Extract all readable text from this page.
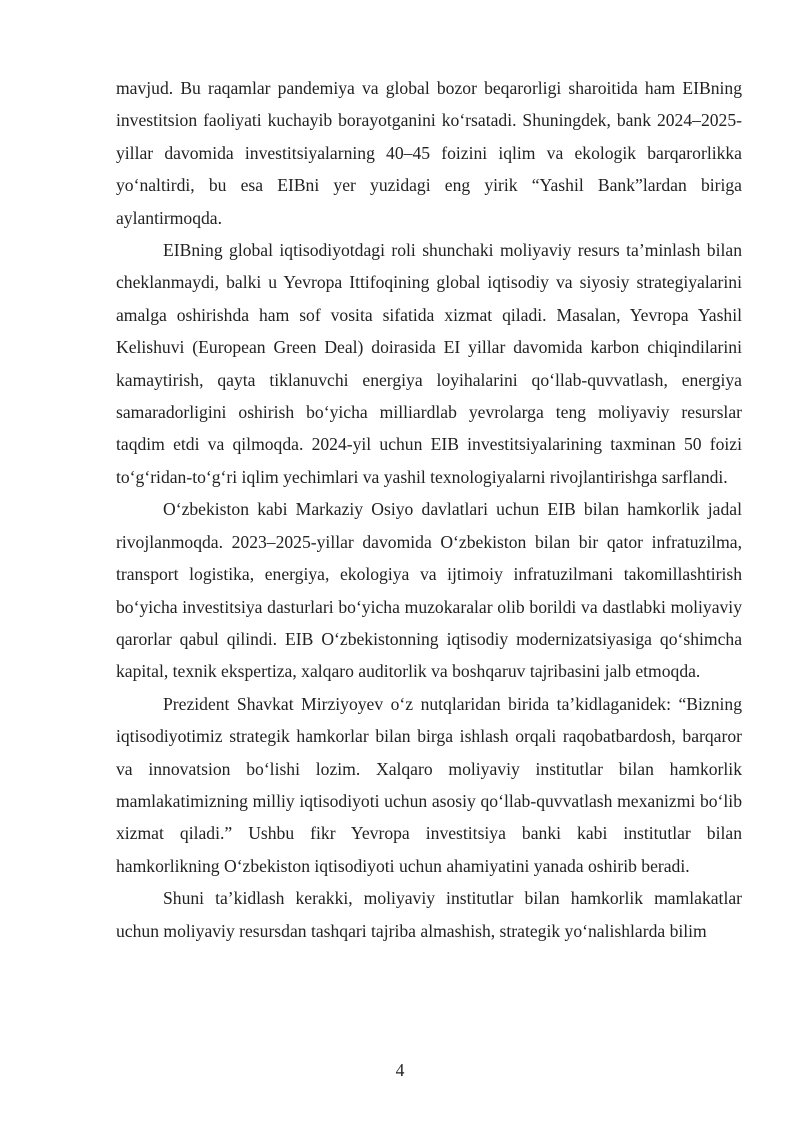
mavjud. Bu raqamlar pandemiya va global bozor beqarorligi sharoitida ham EIBning investitsion faoliyati kuchayib borayotganini koʻrsatadi. Shuningdek, bank 2024–2025-yillar davomida investitsiyalarning 40–45 foizini iqlim va ekologik barqarorlikka yoʻnaltirdi, bu esa EIBni yer yuzidagi eng yirik “Yashil Bank”lardan biriga aylantirmoqda.

EIBning global iqtisodiyotdagi roli shunchaki moliyaviy resurs ta’minlash bilan cheklanmaydi, balki u Yevropa Ittifoqining global iqtisodiy va siyosiy strategiyalarini amalga oshirishda ham sof vosita sifatida xizmat qiladi. Masalan, Yevropa Yashil Kelishuvi (European Green Deal) doirasida EI yillar davomida karbon chiqindilarini kamaytirish, qayta tiklanuvchi energiya loyihalarini qoʻllab-quvvatlash, energiya samaradorligini oshirish boʻyicha milliardlab yevrolarga teng moliyaviy resurslar taqdim etdi va qilmoqda. 2024-yil uchun EIB investitsiyalarining taxminan 50 foizi toʻgʻridan-toʻgʻri iqlim yechimlari va yashil texnologiyalarni rivojlantirishga sarflandi.

Oʻzbekiston kabi Markaziy Osiyo davlatlari uchun EIB bilan hamkorlik jadal rivojlanmoqda. 2023–2025-yillar davomida Oʻzbekiston bilan bir qator infratuzilma, transport logistika, energiya, ekologiya va ijtimoiy infratuzilmani takomillashtirish boʻyicha investitsiya dasturlari boʻyicha muzokaralar olib borildi va dastlabki moliyaviy qarorlar qabul qilindi. EIB Oʻzbekistonning iqtisodiy modernizatsiyasiga qoʻshimcha kapital, texnik ekspertiza, xalqaro auditorlik va boshqaruv tajribasini jalb etmoqda.

Prezident Shavkat Mirziyoyev oʻz nutqlaridan birida ta’kidlaganidek: “Bizning iqtisodiyotimiz strategik hamkorlar bilan birga ishlash orqali raqobatbardosh, barqaror va innovatsion boʻlishi lozim. Xalqaro moliyaviy institutlar bilan hamkorlik mamlakatimizning milliy iqtisodiyoti uchun asosiy qoʻllab-quvvatlash mexanizmi boʻlib xizmat qiladi.” Ushbu fikr Yevropa investitsiya banki kabi institutlar bilan hamkorlikning Oʻzbekiston iqtisodiyoti uchun ahamiyatini yanada oshirib beradi.

Shuni ta’kidlash kerakki, moliyaviy institutlar bilan hamkorlik mamlakatlar uchun moliyaviy resursdan tashqari tajriba almashish, strategik yoʻnalishlarda bilim

4
